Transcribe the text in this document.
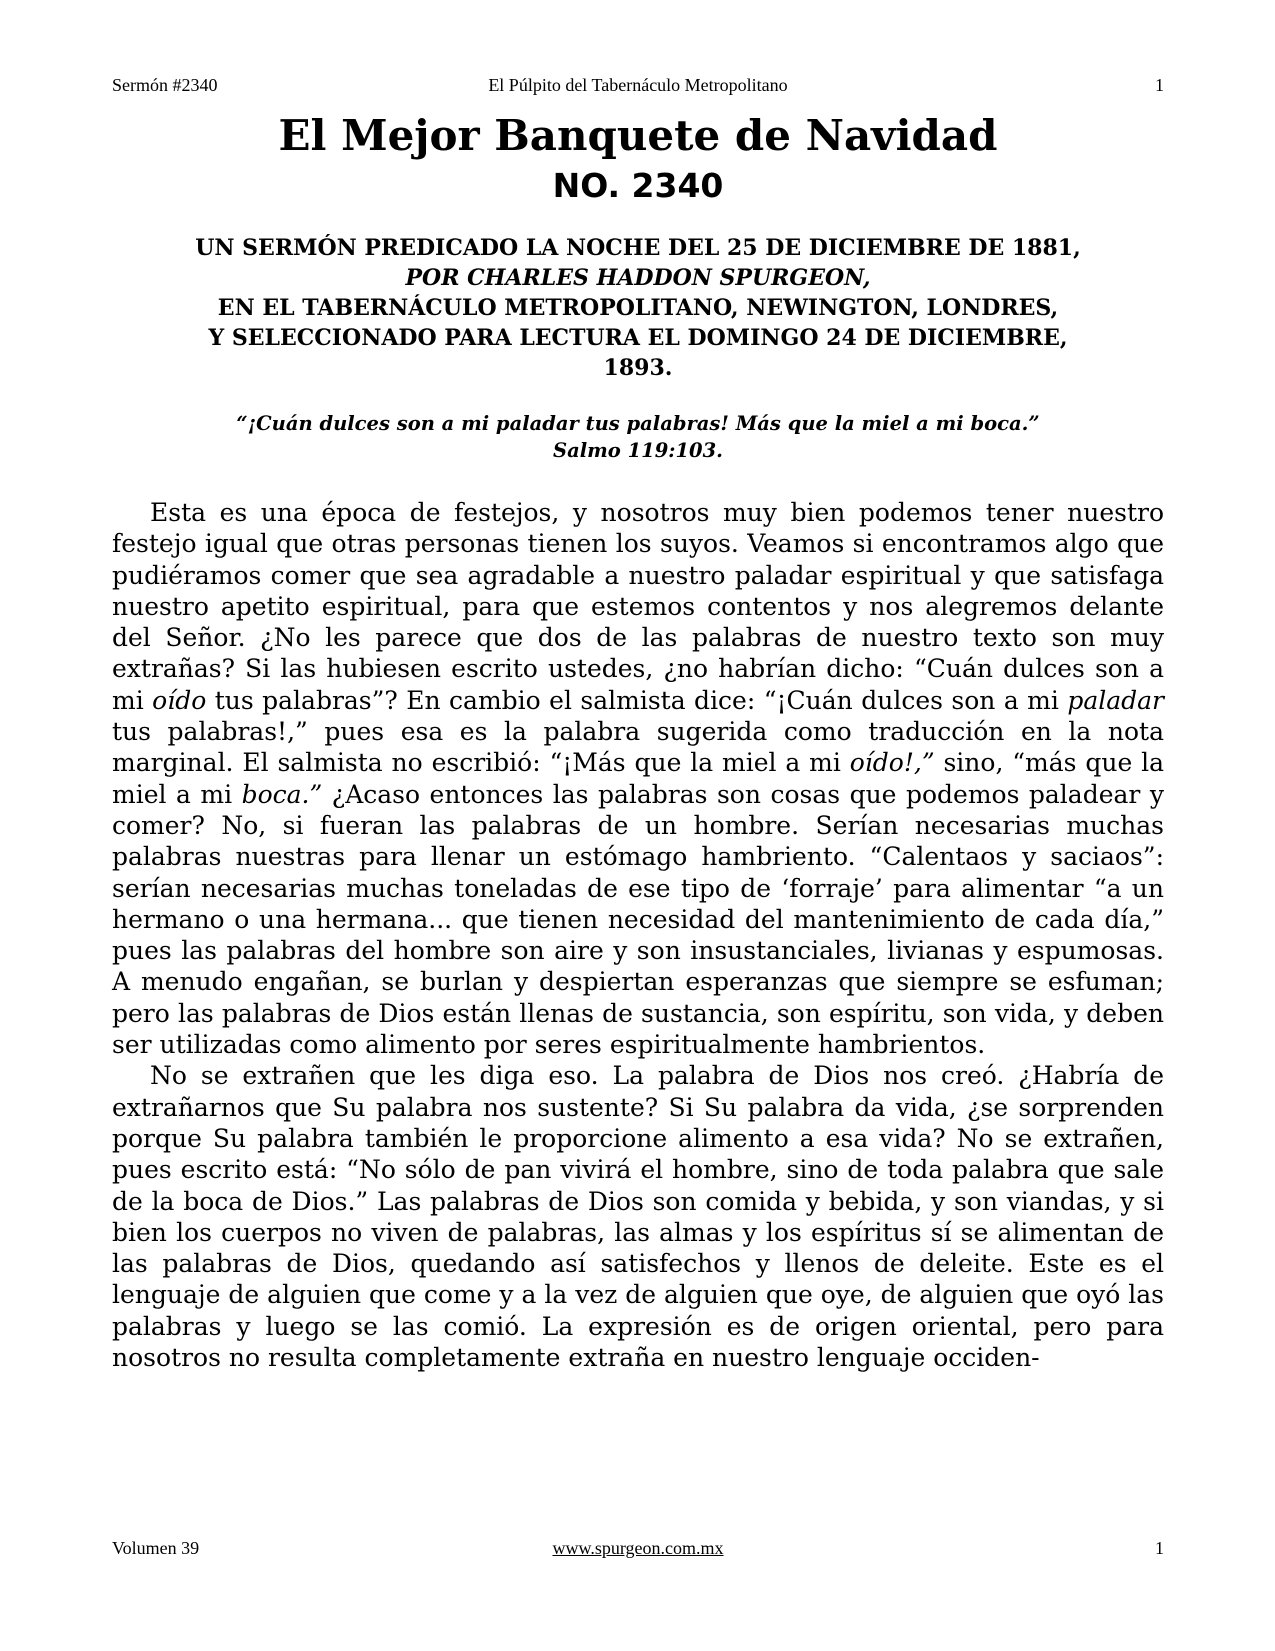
Sermón #2340	El Púlpito del Tabernáculo Metropolitano	1
El Mejor Banquete de Navidad
NO. 2340
UN SERMÓN PREDICADO LA NOCHE DEL 25 DE DICIEMBRE DE 1881,
POR CHARLES HADDON SPURGEON,
EN EL TABERNÁCULO METROPOLITANO, NEWINGTON, LONDRES,
Y SELECCIONADO PARA LECTURA EL DOMINGO 24 DE DICIEMBRE,
1893.
“¡Cuán dulces son a mi paladar tus palabras! Más que la miel a mi boca.”
Salmo 119:103.

Esta es una época de festejos, y nosotros muy bien podemos tener nuestro festejo igual que otras personas tienen los suyos. Veamos si encontramos algo que pudiéramos comer que sea agradable a nuestro paladar espiritual y que satisfaga nuestro apetito espiritual, para que estemos contentos y nos alegremos delante del Señor. ¿No les parece que dos de las palabras de nuestro texto son muy extrañas? Si las hubiesen escrito ustedes, ¿no habrían dicho: “Cuán dulces son a mi oído tus palabras”? En cambio el salmista dice: “¡Cuán dulces son a mi paladar tus palabras!,” pues esa es la palabra sugerida como traducción en la nota marginal. El salmista no escribió: “¡Más que la miel a mi oído!,” sino, “más que la miel a mi boca.” ¿Acaso entonces las palabras son cosas que podemos paladear y comer? No, si fueran las palabras de un hombre. Serían necesarias muchas palabras nuestras para llenar un estómago hambriento. “Calentaos y saciaos”: serían necesarias muchas toneladas de ese tipo de ‘forraje’ para alimentar “a un hermano o una hermana... que tienen necesidad del mantenimiento de cada día,” pues las palabras del hombre son aire y son insustanciales, livianas y espumosas. A menudo engañan, se burlan y despiertan esperanzas que siempre se esfuman; pero las palabras de Dios están llenas de sustancia, son espíritu, son vida, y deben ser utilizadas como alimento por seres espiritualmente hambrientos.

No se extrañen que les diga eso. La palabra de Dios nos creó. ¿Habría de extrañarnos que Su palabra nos sustente? Si Su palabra da vida, ¿se sorprenden porque Su palabra también le proporcione alimento a esa vida? No se extrañen, pues escrito está: “No sólo de pan vivirá el hombre, sino de toda palabra que sale de la boca de Dios.” Las palabras de Dios son comida y bebida, y son viandas, y si bien los cuerpos no viven de palabras, las almas y los espíritus sí se alimentan de las palabras de Dios, quedando así satisfechos y llenos de deleite. Este es el lenguaje de alguien que come y a la vez de alguien que oye, de alguien que oyó las palabras y luego se las comió. La expresión es de origen oriental, pero para nosotros no resulta completamente extraña en nuestro lenguaje occiden-

Volumen 39	www.spurgeon.com.mx	1
